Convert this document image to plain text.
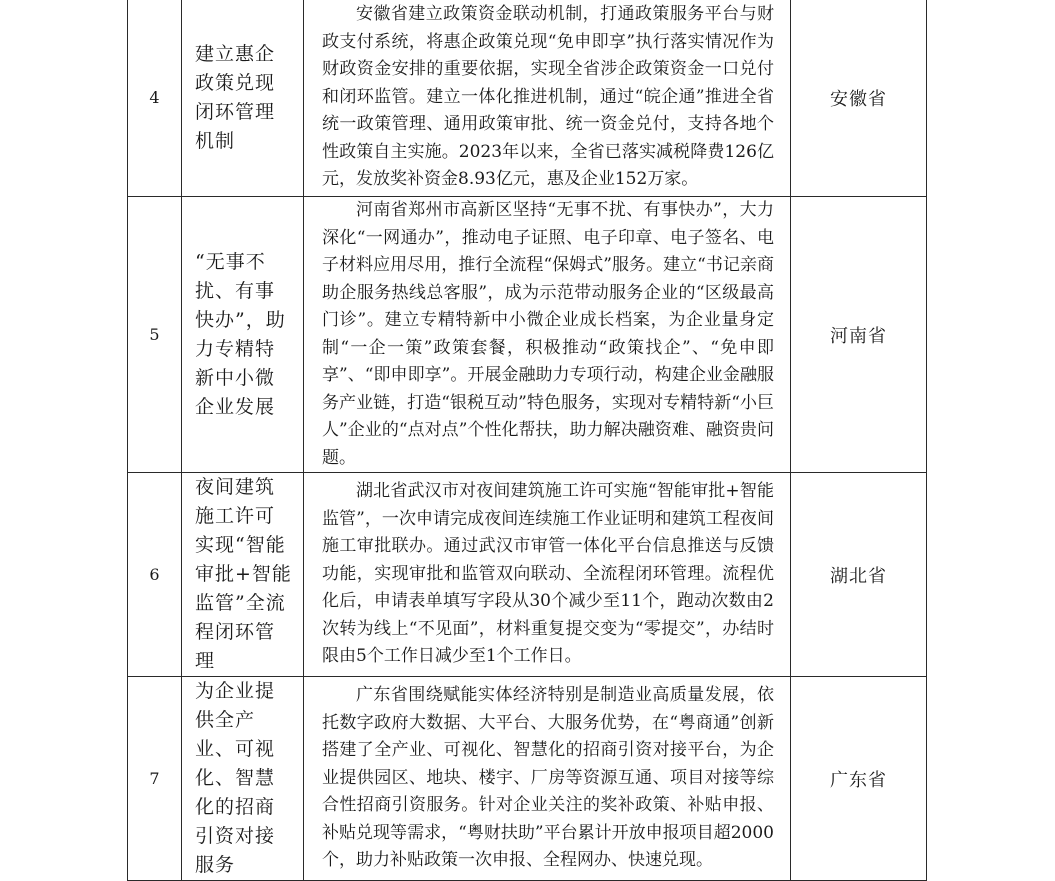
4	建立惠企政策兑现闭环管理机制	安徽省建立政策资金联动机制，打通政策服务平台与财政支付系统，将惠企政策兑现“免申即享”执行落实情况作为财政资金安排的重要依据，实现全省涉企政策资金一口兑付和闭环监管。建立一体化推进机制，通过“皖企通”推进全省统一政策管理、通用政策审批、统一资金兑付，支持各地个性政策自主实施。2023年以来，全省已落实减税降费126亿元，发放奖补资金8.93亿元，惠及企业152万家。	安徽省
5	“无事不扰、有事快办”，助力专精特新中小微企业发展	河南省郑州市高新区坚持“无事不扰、有事快办”，大力深化“一网通办”，推动电子证照、电子印章、电子签名、电子材料应用尽用，推行全流程“保姆式”服务。建立“书记亲商助企服务热线总客服”，成为示范带动服务企业的“区级最高门诊”。建立专精特新中小微企业成长档案，为企业量身定制“一企一策”政策套餐，积极推动“政策找企”、“免申即享”、“即申即享”。开展金融助力专项行动，构建企业金融服务产业链，打造“银税互动”特色服务，实现对专精特新“小巨人”企业的“点对点”个性化帮扶，助力解决融资难、融资贵问题。	河南省
6	夜间建筑施工许可实现“智能审批+智能监管”全流程闭环管理	湖北省武汉市对夜间建筑施工许可实施“智能审批+智能监管”，一次申请完成夜间连续施工作业证明和建筑工程夜间施工审批联办。通过武汉市审管一体化平台信息推送与反馈功能，实现审批和监管双向联动、全流程闭环管理。流程优化后，申请表单填写字段从30个减少至11个，跑动次数由2次转为线上“不见面”，材料重复提交变为“零提交”，办结时限由5个工作日减少至1个工作日。	湖北省
7	为企业提供全产业、可视化、智慧化的招商引资对接服务	广东省围绕赋能实体经济特别是制造业高质量发展，依托数字政府大数据、大平台、大服务优势，在“粤商通”创新搭建了全产业、可视化、智慧化的招商引资对接平台，为企业提供园区、地块、楼宇、厂房等资源互通、项目对接等综合性招商引资服务。针对企业关注的奖补政策、补贴申报、补贴兑现等需求，“粤财扶助”平台累计开放申报项目超2000个，助力补贴政策一次申报、全程网办、快速兑现。	广东省
